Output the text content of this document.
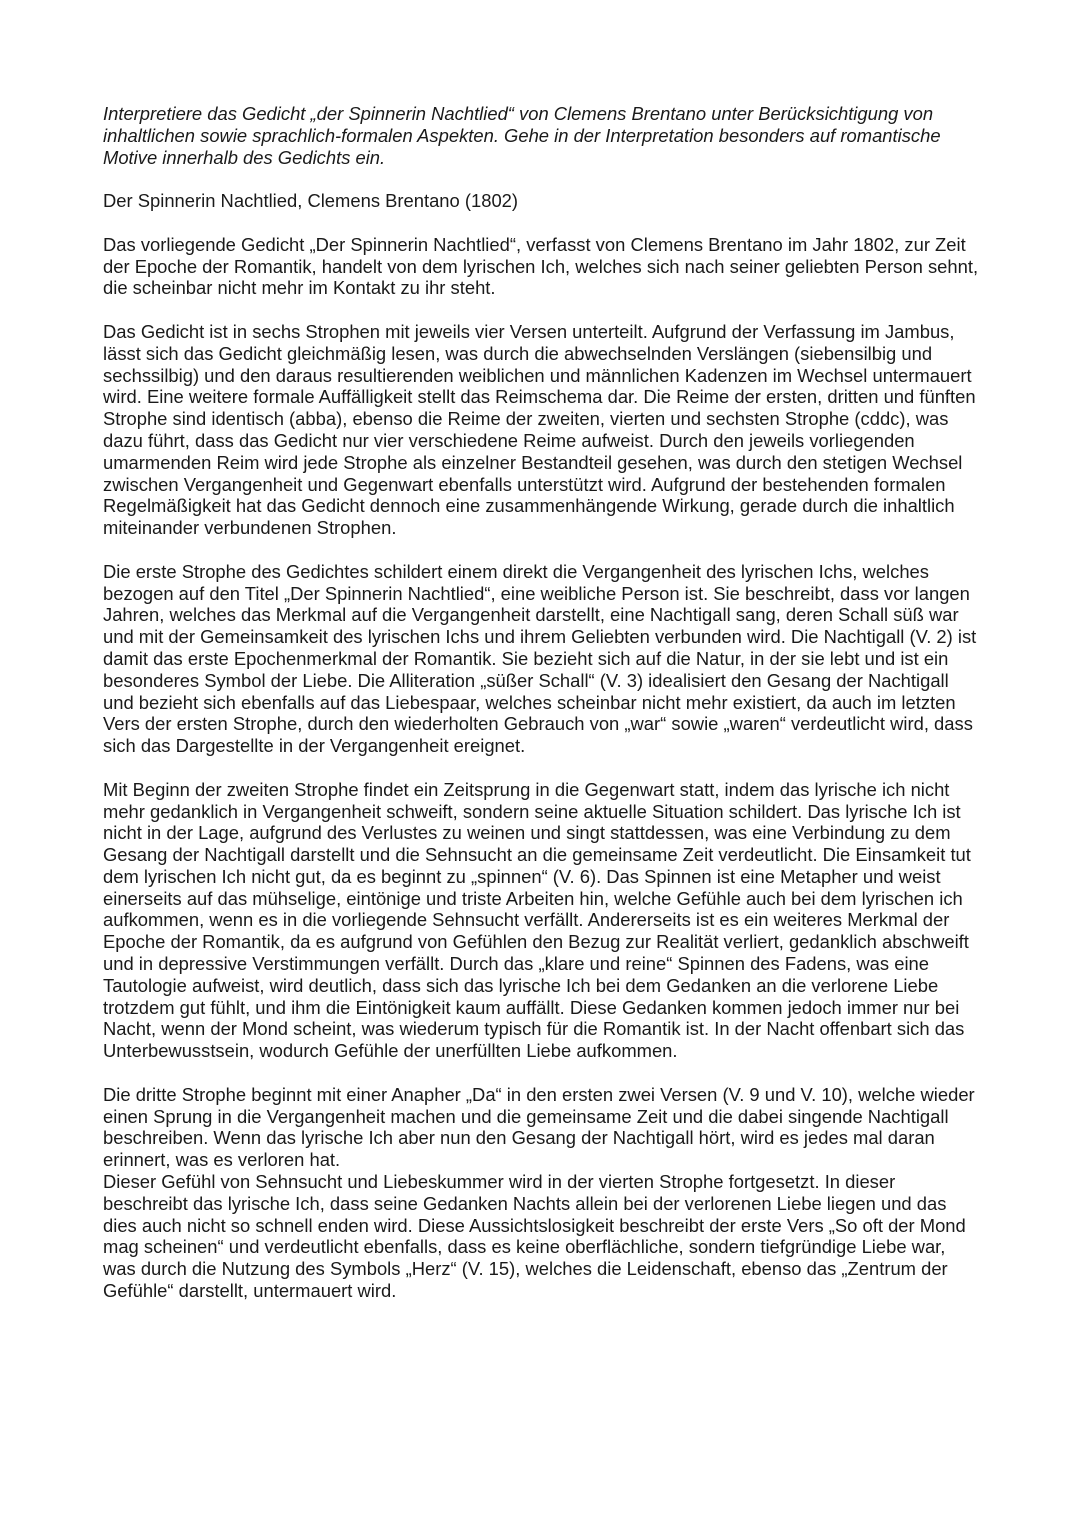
Interpretiere das Gedicht „der Spinnerin Nachtlied“ von Clemens Brentano unter Berücksichtigung von inhaltlichen sowie sprachlich-formalen Aspekten. Gehe in der Interpretation besonders auf romantische Motive innerhalb des Gedichts ein.

Der Spinnerin Nachtlied, Clemens Brentano (1802)

Das vorliegende Gedicht „Der Spinnerin Nachtlied“, verfasst von Clemens Brentano im Jahr 1802, zur Zeit der Epoche der Romantik, handelt von dem lyrischen Ich, welches sich nach seiner geliebten Person sehnt, die scheinbar nicht mehr im Kontakt zu ihr steht.

Das Gedicht ist in sechs Strophen mit jeweils vier Versen unterteilt. Aufgrund der Verfassung im Jambus, lässt sich das Gedicht gleichmäßig lesen, was durch die abwechselnden Verslängen (siebensilbig und sechssilbig) und den daraus resultierenden weiblichen und männlichen Kadenzen im Wechsel untermauert wird. Eine weitere formale Auffälligkeit stellt das Reimschema dar. Die Reime der ersten, dritten und fünften Strophe sind identisch (abba), ebenso die Reime der zweiten, vierten und sechsten Strophe (cddc), was dazu führt, dass das Gedicht nur vier verschiedene Reime aufweist. Durch den jeweils vorliegenden umarmenden Reim wird jede Strophe als einzelner Bestandteil gesehen, was durch den stetigen Wechsel zwischen Vergangenheit und Gegenwart ebenfalls unterstützt wird. Aufgrund der bestehenden formalen Regelmäßigkeit hat das Gedicht dennoch eine zusammenhängende Wirkung, gerade durch die inhaltlich miteinander verbundenen Strophen.

Die erste Strophe des Gedichtes schildert einem direkt die Vergangenheit des lyrischen Ichs, welches bezogen auf den Titel „Der Spinnerin Nachtlied“, eine weibliche Person ist. Sie beschreibt, dass vor langen Jahren, welches das Merkmal auf die Vergangenheit darstellt, eine Nachtigall sang, deren Schall süß war und mit der Gemeinsamkeit des lyrischen Ichs und ihrem Geliebten verbunden wird. Die Nachtigall (V. 2) ist damit das erste Epochenmerkmal der Romantik. Sie bezieht sich auf die Natur, in der sie lebt und ist ein besonderes Symbol der Liebe. Die Alliteration „süßer Schall“ (V. 3) idealisiert den Gesang der Nachtigall und bezieht sich ebenfalls auf das Liebespaar, welches scheinbar nicht mehr existiert, da auch im letzten Vers der ersten Strophe, durch den wiederholten Gebrauch von „war“ sowie „waren“ verdeutlicht wird, dass sich das Dargestellte in der Vergangenheit ereignet.

Mit Beginn der zweiten Strophe findet ein Zeitsprung in die Gegenwart statt, indem das lyrische ich nicht mehr gedanklich in Vergangenheit schweift, sondern seine aktuelle Situation schildert. Das lyrische Ich ist nicht in der Lage, aufgrund des Verlustes zu weinen und singt stattdessen, was eine Verbindung zu dem Gesang der Nachtigall darstellt und die Sehnsucht an die gemeinsame Zeit verdeutlicht. Die Einsamkeit tut dem lyrischen Ich nicht gut, da es beginnt zu „spinnen“ (V. 6). Das Spinnen ist eine Metapher und weist einerseits auf das mühselige, eintönige und triste Arbeiten hin, welche Gefühle auch bei dem lyrischen ich aufkommen, wenn es in die vorliegende Sehnsucht verfällt. Andererseits ist es ein weiteres Merkmal der Epoche der Romantik, da es aufgrund von Gefühlen den Bezug zur Realität verliert, gedanklich abschweift und in depressive Verstimmungen verfällt. Durch das „klare und reine“ Spinnen des Fadens, was eine Tautologie aufweist, wird deutlich, dass sich das lyrische Ich bei dem Gedanken an die verlorene Liebe trotzdem gut fühlt, und ihm die Eintönigkeit kaum auffällt. Diese Gedanken kommen jedoch immer nur bei Nacht, wenn der Mond scheint, was wiederum typisch für die Romantik ist. In der Nacht offenbart sich das Unterbewusstsein, wodurch Gefühle der unerfüllten Liebe aufkommen.

Die dritte Strophe beginnt mit einer Anapher „Da“ in den ersten zwei Versen (V. 9 und V. 10), welche wieder einen Sprung in die Vergangenheit machen und die gemeinsame Zeit und die dabei singende Nachtigall beschreiben. Wenn das lyrische Ich aber nun den Gesang der Nachtigall hört, wird es jedes mal daran erinnert, was es verloren hat.

Dieser Gefühl von Sehnsucht und Liebeskummer wird in der vierten Strophe fortgesetzt. In dieser beschreibt das lyrische Ich, dass seine Gedanken Nachts allein bei der verlorenen Liebe liegen und das dies auch nicht so schnell enden wird. Diese Aussichtslosigkeit beschreibt der erste Vers „So oft der Mond mag scheinen“ und verdeutlicht ebenfalls, dass es keine oberflächliche, sondern tiefgründige Liebe war, was durch die Nutzung des Symbols „Herz“ (V. 15), welches die Leidenschaft, ebenso das „Zentrum der Gefühle“ darstellt, untermauert wird.
